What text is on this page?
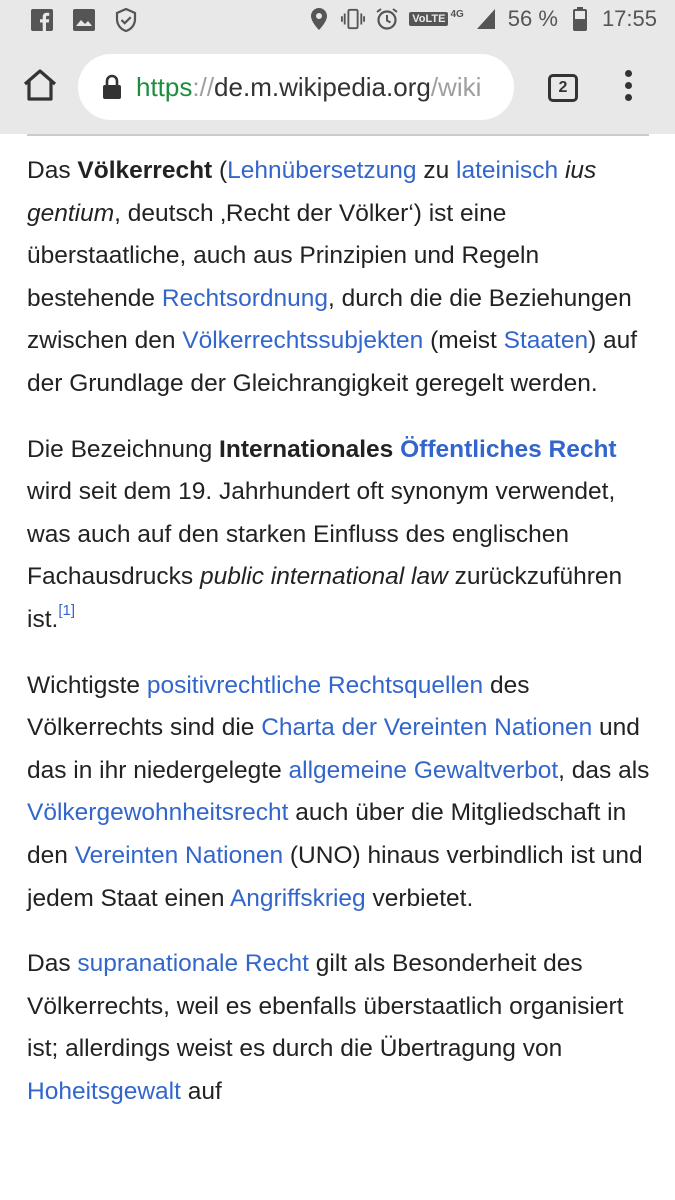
VoLTE 4G 56 % 17:55
https://de.m.wikipedia.org/wiki	2

Das Völkerrecht (Lehnübersetzung zu lateinisch ius gentium, deutsch ‚Recht der Völker‘) ist eine überstaatliche, auch aus Prinzipien und Regeln bestehende Rechtsordnung, durch die die Beziehungen zwischen den Völkerrechtssubjekten (meist Staaten) auf der Grundlage der Gleichrangigkeit geregelt werden.

Die Bezeichnung Internationales Öffentliches Recht wird seit dem 19. Jahrhundert oft synonym verwendet, was auch auf den starken Einfluss des englischen Fachausdrucks public international law zurückzuführen ist.[1]

Wichtigste positivrechtliche Rechtsquellen des Völkerrechts sind die Charta der Vereinten Nationen und das in ihr niedergelegte allgemeine Gewaltverbot, das als Völkergewohnheitsrecht auch über die Mitgliedschaft in den Vereinten Nationen (UNO) hinaus verbindlich ist und jedem Staat einen Angriffskrieg verbietet.

Das supranationale Recht gilt als Besonderheit des Völkerrechts, weil es ebenfalls überstaatlich organisiert ist; allerdings weist es durch die Übertragung von Hoheitsgewalt auf
